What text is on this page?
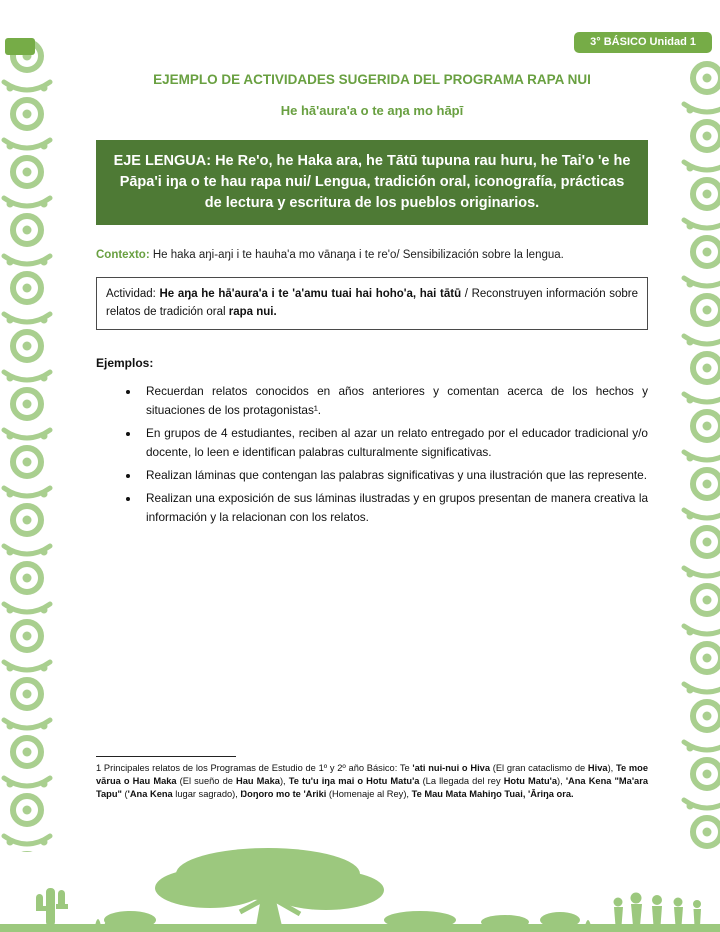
3° BÁSICO Unidad 1
EJEMPLO DE ACTIVIDADES SUGERIDA DEL PROGRAMA RAPA NUI
He hā'aura'a o te aŋa mo hāpī
EJE LENGUA: He Re'o, he Haka ara, he Tātū tupuna rau huru, he Tai'o 'e he Pāpa'i iŋa o te hau rapa nui/ Lengua, tradición oral, iconografía, prácticas de lectura y escritura de los pueblos originarios.

Contexto: He haka aŋi-aŋi i te hauha'a mo vānaŋa i te re'o/ Sensibilización sobre la lengua.

Actividad: He aŋa he hā'aura'a i te 'a'amu tuai hai hoho'a, hai tātū / Reconstruyen información sobre relatos de tradición oral rapa nui.
Ejemplos:
• Recuerdan relatos conocidos en años anteriores y comentan acerca de los hechos y situaciones de los protagonistas¹.
• En grupos de 4 estudiantes, reciben al azar un relato entregado por el educador tradicional y/o docente, lo leen e identifican palabras culturalmente significativas.
• Realizan láminas que contengan las palabras significativas y una ilustración que las represente.
• Realizan una exposición de sus láminas ilustradas y en grupos presentan de manera creativa la información y la relacionan con los relatos.

1 Principales relatos de los Programas de Estudio de 1º y 2º año Básico: Te 'ati nui-nui o Hiva (El gran cataclismo de Hiva), Te moe vārua o Hau Maka (El sueño de Hau Maka), Te tu'u iŋa mai o Hotu Matu'a (La llegada del rey Hotu Matu'a), 'Ana Kena "Ma'ara Tapu" ('Ana Kena lugar sagrado), Ŋoŋoro mo te 'Ariki (Homenaje al Rey), Te Mau Mata Mahiŋo Tuai, 'Āriŋa ora.
